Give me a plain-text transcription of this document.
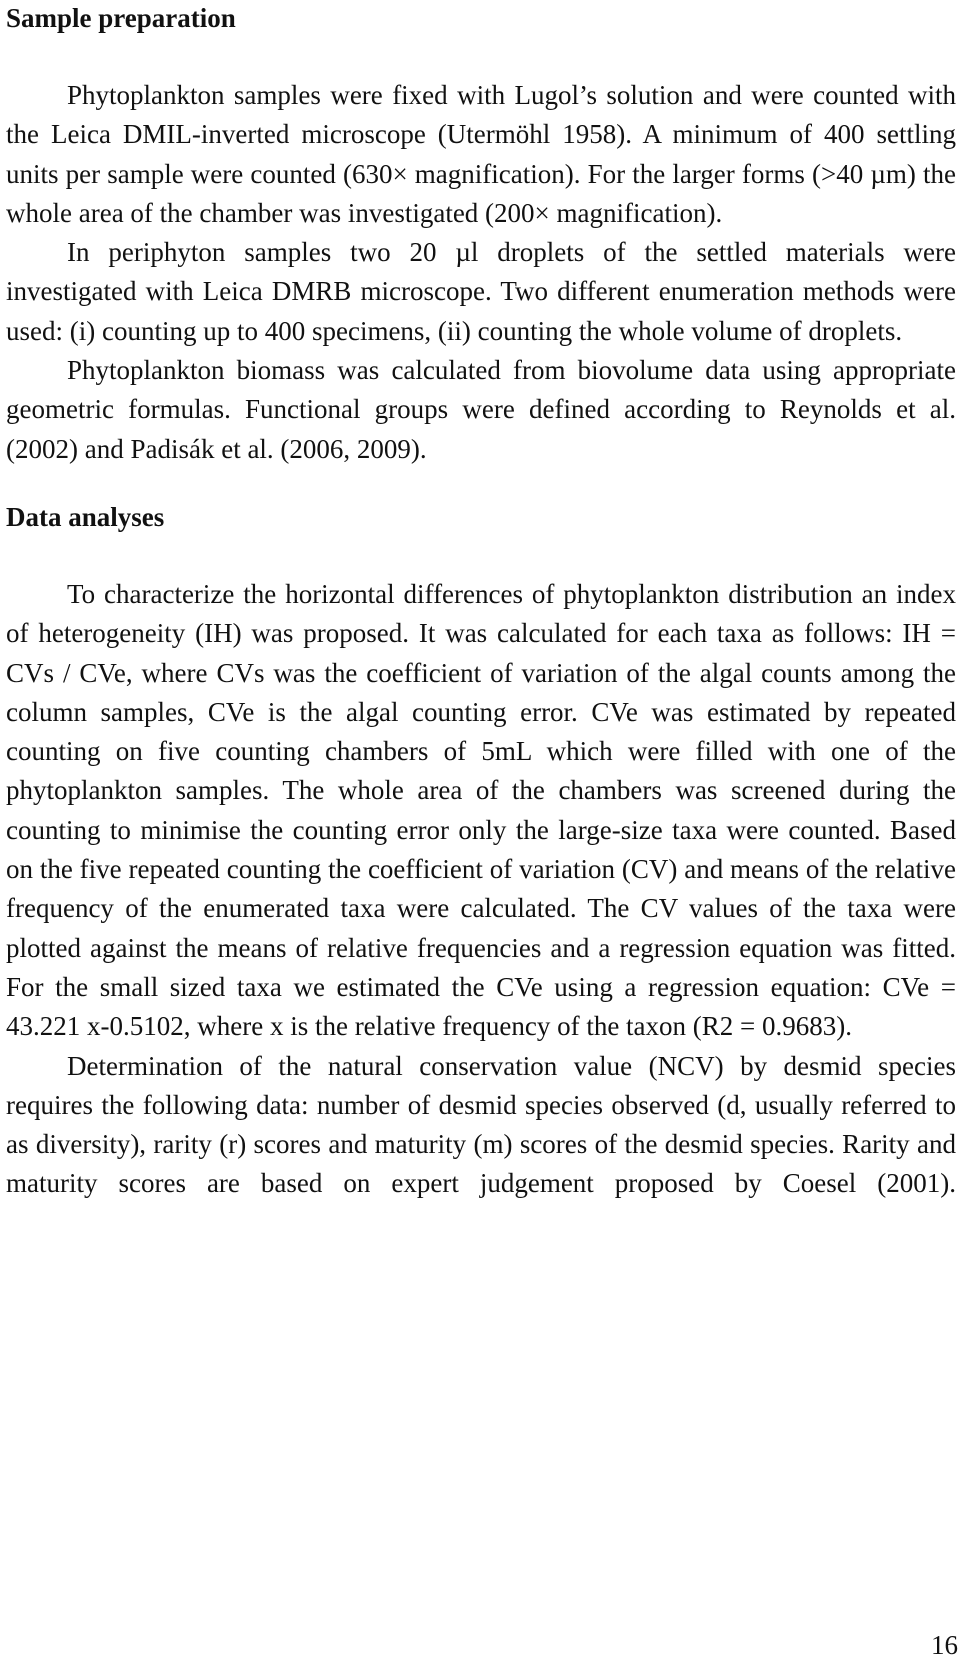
Sample preparation

Phytoplankton samples were fixed with Lugol’s solution and were counted with the Leica DMIL-inverted microscope (Utermöhl 1958). A minimum of 400 settling units per sample were counted (630× magnification). For the larger forms (>40 µm) the whole area of the chamber was investigated (200× magnification).

In periphyton samples two 20 µl droplets of the settled materials were investigated with Leica DMRB microscope. Two different enumeration methods were used: (i) counting up to 400 specimens, (ii) counting the whole volume of droplets.

Phytoplankton biomass was calculated from biovolume data using appropriate geometric formulas. Functional groups were defined according to Reynolds et al. (2002) and Padisák et al. (2006, 2009).

Data analyses

To characterize the horizontal differences of phytoplankton distribution an index of heterogeneity (IH) was proposed. It was calculated for each taxa as follows: IH = CVs / CVe, where CVs was the coefficient of variation of the algal counts among the column samples, CVe is the algal counting error. CVe was estimated by repeated counting on five counting chambers of 5mL which were filled with one of the phytoplankton samples. The whole area of the chambers was screened during the counting to minimise the counting error only the large-size taxa were counted. Based on the five repeated counting the coefficient of variation (CV) and means of the relative frequency of the enumerated taxa were calculated. The CV values of the taxa were plotted against the means of relative frequencies and a regression equation was fitted. For the small sized taxa we estimated the CVe using a regression equation: CVe = 43.221 x-0.5102, where x is the relative frequency of the taxon (R2 = 0.9683).

Determination of the natural conservation value (NCV) by desmid species requires the following data: number of desmid species observed (d, usually referred to as diversity), rarity (r) scores and maturity (m) scores of the desmid species. Rarity and maturity scores are based on expert judgement proposed by Coesel (2001).

16
